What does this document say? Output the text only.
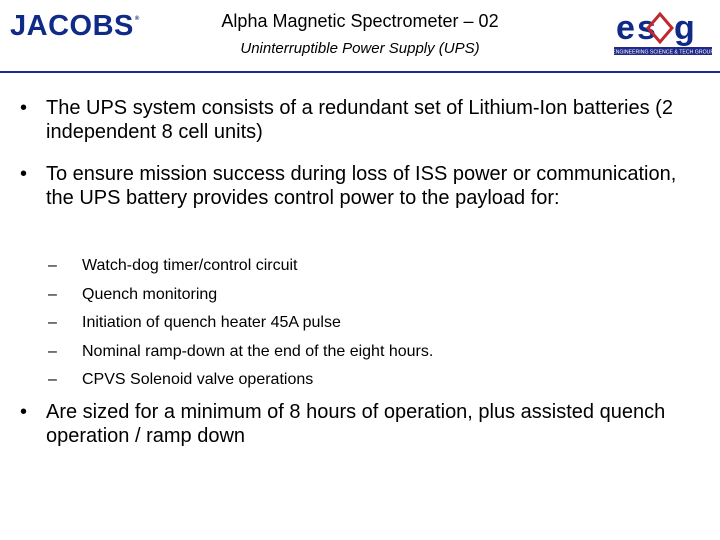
JACOBS®	Alpha Magnetic Spectrometer – 02
Uninterruptible Power Supply (UPS)
e s g
ENGINEERING SCIENCE & TECH GROUP
• The UPS system consists of a redundant set of Lithium-Ion batteries (2 independent 8 cell units)
• To ensure mission success during loss of ISS power or communication, the UPS battery provides control power to the payload for:
– Watch-dog timer/control circuit
– Quench monitoring
– Initiation of quench heater 45A pulse
– Nominal ramp-down at the end of the eight hours.
– CPVS Solenoid valve operations
• Are sized for a minimum of 8 hours of operation, plus assisted quench operation / ramp down
